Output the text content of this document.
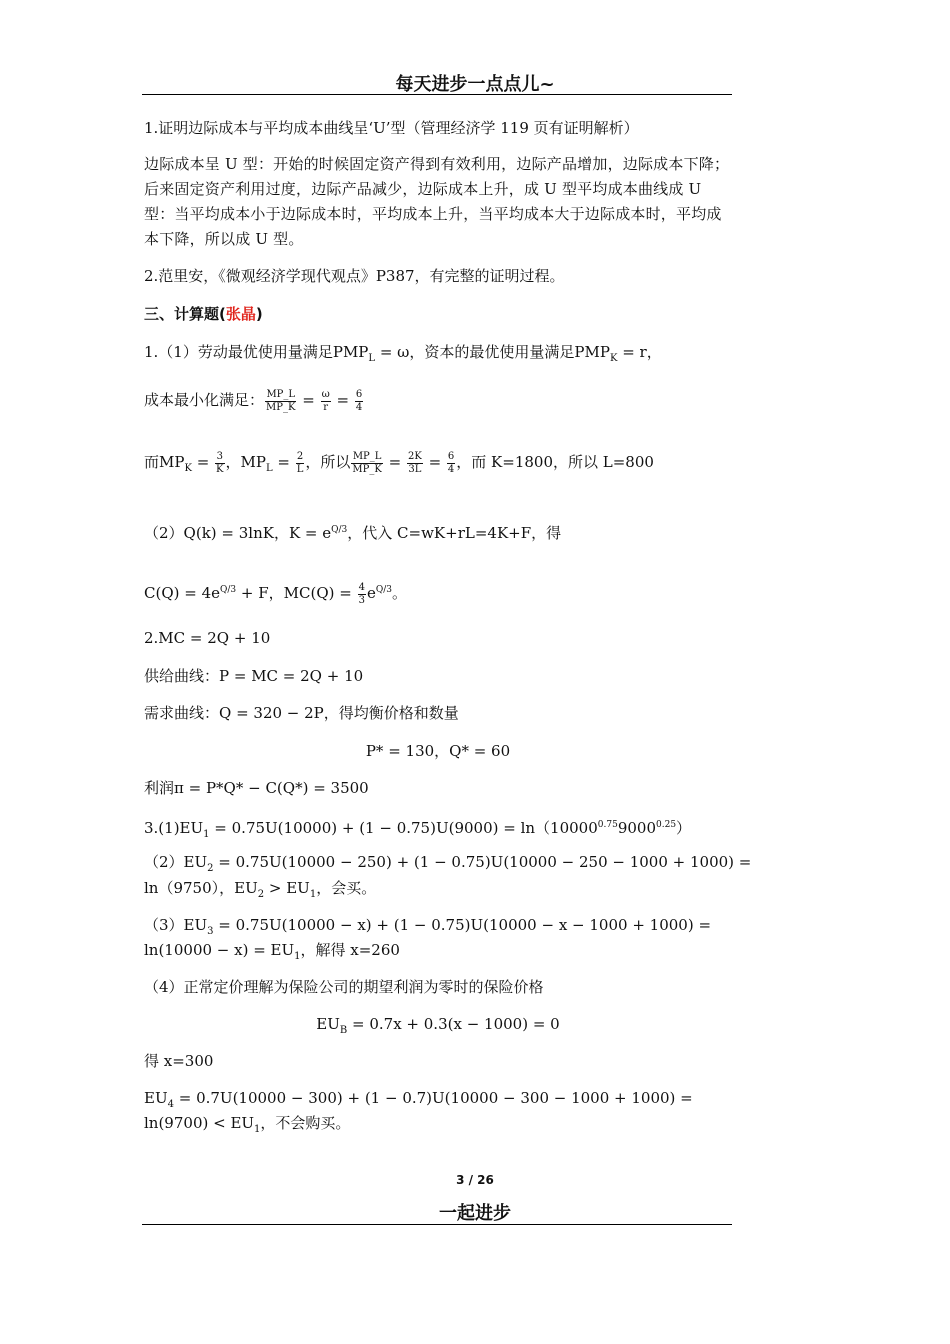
每天进步一点点儿~
1.证明边际成本与平均成本曲线呈‘U’型（管理经济学 119 页有证明解析）
边际成本呈 U 型：开始的时候固定资产得到有效利用，边际产品增加，边际成本下降；后来固定资产利用过度，边际产品减少，边际成本上升，成 U 型平均成本曲线成 U 型：当平均成本小于边际成本时，平均成本上升，当平均成本大于边际成本时，平均成本下降，所以成 U 型。
2.范里安，《微观经济学现代观点》P387，有完整的证明过程。
三、计算题(张晶)
1.（1）劳动最优使用量满足$PMP_L = \omega$，资本的最优使用量满足$PMP_K = r$，
成本最小化满足： $\frac{MP\_L}{MP\_K} = \frac{\omega}{r} = \frac{6}{4}$
而$MP_K = \frac{3}{K}$ ，$MP_L = \frac{2}{L}$ ，所以 $\frac{MP\_L}{MP\_K} = \frac{2K}{3L} = \frac{6}{4}$ ，而 K=1800，所以 L=800
（2）Q(k) = 3lnK，$K = e^{Q/3}$，代入 C=wK+rL=4K+F，得
$C(Q) = 4e^{Q/3} + F$，$MC(Q) = \frac{4}{3} e^{Q/3}$。
2.MC = 2Q + 10
供给曲线：P = MC = 2Q + 10
需求曲线：Q = 320 − 2P，得均衡价格和数量
P* = 130，Q* = 60
利润π = P*Q* − C(Q*) = 3500
$3.(1)EU_1 = 0.75U(10000) + (1 - 0.75)U(9000) = \ln(10000^{0.75}9000^{0.25})$
$(2)EU_2 = 0.75U(10000 - 250) + (1 - 0.75)U(10000 - 250 - 1000 + 1000)$ =
ln（9750），$EU_2 > EU_1$，会买。
$(3)EU_3 = 0.75U(10000 - x) + (1 - 0.75)U(10000 - x - 1000 + 1000)$ =
$\ln(10000 - x) = EU_1$，解得 x=260
（4）正常定价理解为保险公司的期望利润为零时的保险价格
$EU_B = 0.7x + 0.3(x - 1000) = 0$
得 x=300
$EU_4 = 0.7U(10000 - 300) + (1 - 0.7)U(10000 - 300 - 1000 + 1000)$ =
$\ln(9700) < EU_1$，不会购买。
3 / 26
一起进步
